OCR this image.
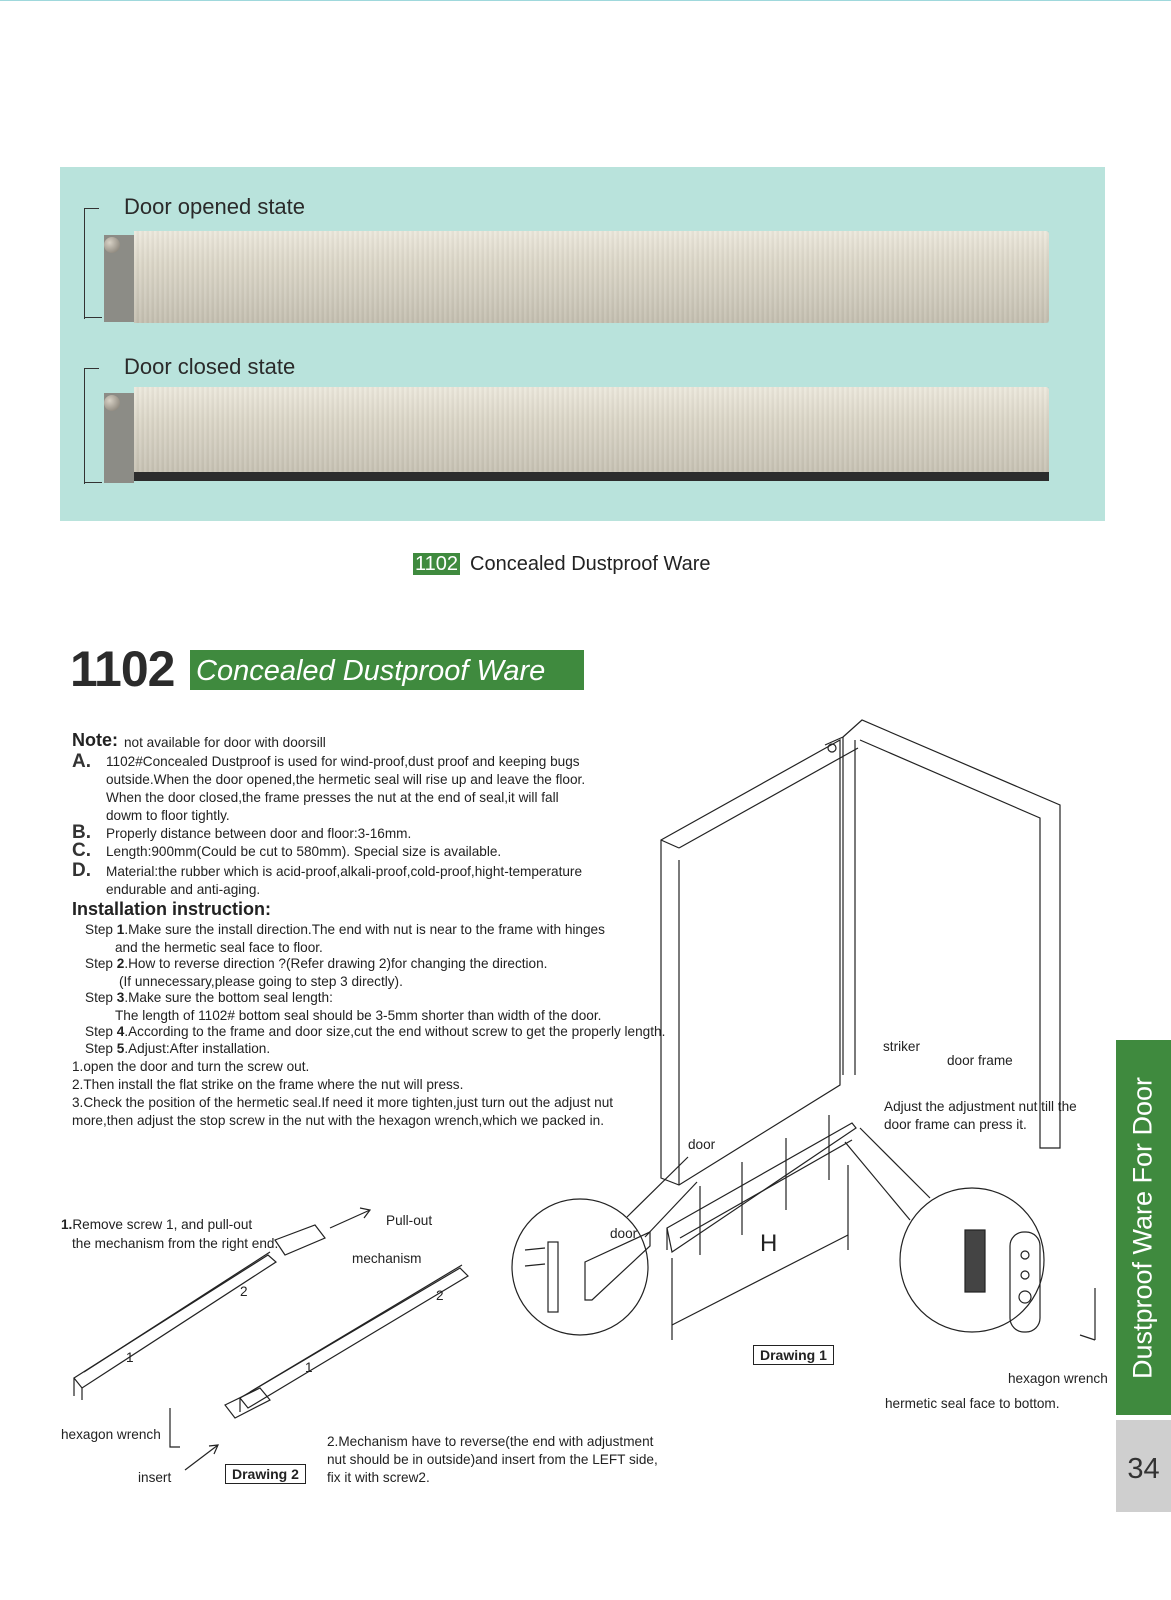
Door opened state
Door closed state
1102 Concealed Dustproof Ware
1102 Concealed Dustproof Ware
Note: not available for door with doorsill
A. 1102#Concealed Dustproof is used for wind-proof,dust proof and keeping bugs
outside.When the door opened,the hermetic seal will rise up and leave the floor.
When the door closed,the frame presses the nut at the end of seal,it will fall
dowm to floor tightly.
B. Properly distance between door and floor:3-16mm.
C. Length:900mm(Could be cut to 580mm). Special size is available.
D. Material:the rubber which is acid-proof,alkali-proof,cold-proof,hight-temperature
endurable and anti-aging.
Installation instruction:
Step 1.Make sure the install direction.The end with nut is near to the frame with hinges
and the hermetic seal face to floor.
Step 2.How to reverse direction ?(Refer drawing 2)for changing the direction.
(If unnecessary,please going to step 3 directly).
Step 3.Make sure the bottom seal length:
The length of 1102# bottom seal should be 3-5mm shorter than width of the door.
Step 4.According to the frame and door size,cut the end without screw to get the properly length.
Step 5.Adjust:After installation.
1.open the door and turn the screw out.
2.Then install the flat strike on the frame where the nut will press.
3.Check the position of the hermetic seal.If need it more tighten,just turn out the adjust nut
more,then adjust the stop screw in the nut with the hexagon wrench,which we packed in.
1.Remove screw 1, and pull-out
the mechanism from the right end.
Pull-out
mechanism
2	2
1
1
hexagon wrench
insert	Drawing 2
2.Mechanism have to reverse(the end with adjustment
nut should be in outside)and insert from the LEFT side,
fix it with screw2.
striker
door frame
Adjust the adjustment nut till the
door frame can press it.
door
door	H
Drawing 1
hexagon wrench
hermetic seal face to bottom.
Dustproof Ware For Door
34
